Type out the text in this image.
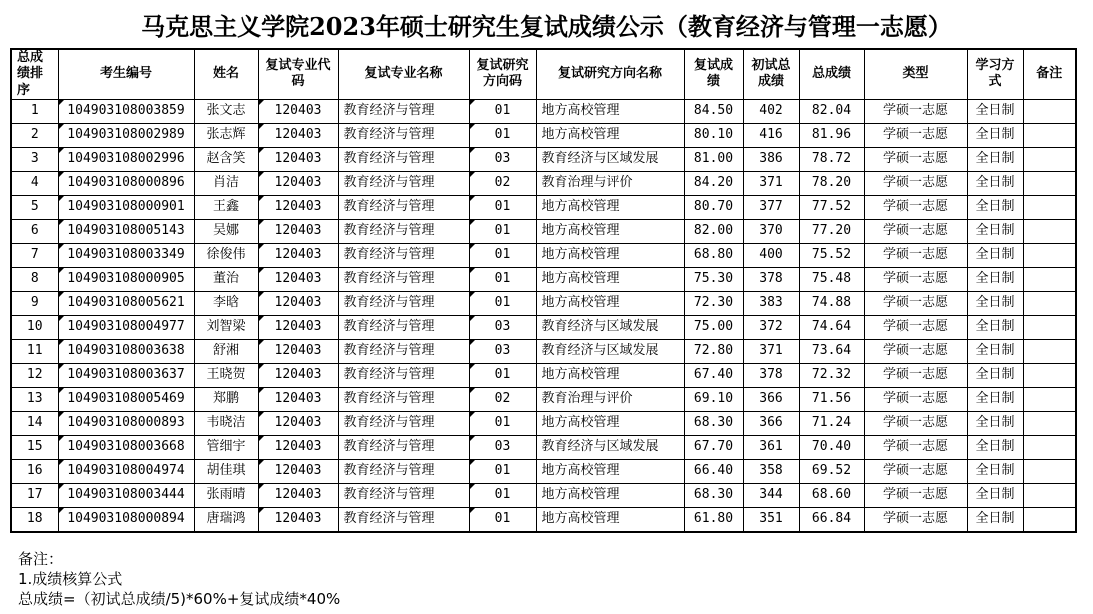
马克思主义学院2023年硕士研究生复试成绩公示（教育经济与管理一志愿）
总成绩排序	考生编号	姓名	复试专业代码	复试专业名称	复试研究方向码	复试研究方向名称	复试成绩	初试总成绩	总成绩	类型	学习方式	备注
1	104903108003859	张文志	120403	教育经济与管理	01	地方高校管理	84.50	402	82.04	学硕一志愿	全日制	
2	104903108002989	张志辉	120403	教育经济与管理	01	地方高校管理	80.10	416	81.96	学硕一志愿	全日制	
3	104903108002996	赵含笑	120403	教育经济与管理	03	教育经济与区域发展	81.00	386	78.72	学硕一志愿	全日制	
4	104903108000896	肖洁	120403	教育经济与管理	02	教育治理与评价	84.20	371	78.20	学硕一志愿	全日制	
5	104903108000901	王鑫	120403	教育经济与管理	01	地方高校管理	80.70	377	77.52	学硕一志愿	全日制	
6	104903108005143	吴娜	120403	教育经济与管理	01	地方高校管理	82.00	370	77.20	学硕一志愿	全日制	
7	104903108003349	徐俊伟	120403	教育经济与管理	01	地方高校管理	68.80	400	75.52	学硕一志愿	全日制	
8	104903108000905	董治	120403	教育经济与管理	01	地方高校管理	75.30	378	75.48	学硕一志愿	全日制	
9	104903108005621	李晗	120403	教育经济与管理	01	地方高校管理	72.30	383	74.88	学硕一志愿	全日制	
10	104903108004977	刘智梁	120403	教育经济与管理	03	教育经济与区域发展	75.00	372	74.64	学硕一志愿	全日制	
11	104903108003638	舒湘	120403	教育经济与管理	03	教育经济与区域发展	72.80	371	73.64	学硕一志愿	全日制	
12	104903108003637	王晓贺	120403	教育经济与管理	01	地方高校管理	67.40	378	72.32	学硕一志愿	全日制	
13	104903108005469	郑鹏	120403	教育经济与管理	02	教育治理与评价	69.10	366	71.56	学硕一志愿	全日制	
14	104903108000893	韦晓洁	120403	教育经济与管理	01	地方高校管理	68.30	366	71.24	学硕一志愿	全日制	
15	104903108003668	管细宇	120403	教育经济与管理	03	教育经济与区域发展	67.70	361	70.40	学硕一志愿	全日制	
16	104903108004974	胡佳琪	120403	教育经济与管理	01	地方高校管理	66.40	358	69.52	学硕一志愿	全日制	
17	104903108003444	张雨晴	120403	教育经济与管理	01	地方高校管理	68.30	344	68.60	学硕一志愿	全日制	
18	104903108000894	唐瑞鸿	120403	教育经济与管理	01	地方高校管理	61.80	351	66.84	学硕一志愿	全日制	
备注：
1.成绩核算公式
总成绩=（初试总成绩/5)*60%+复试成绩*40%
